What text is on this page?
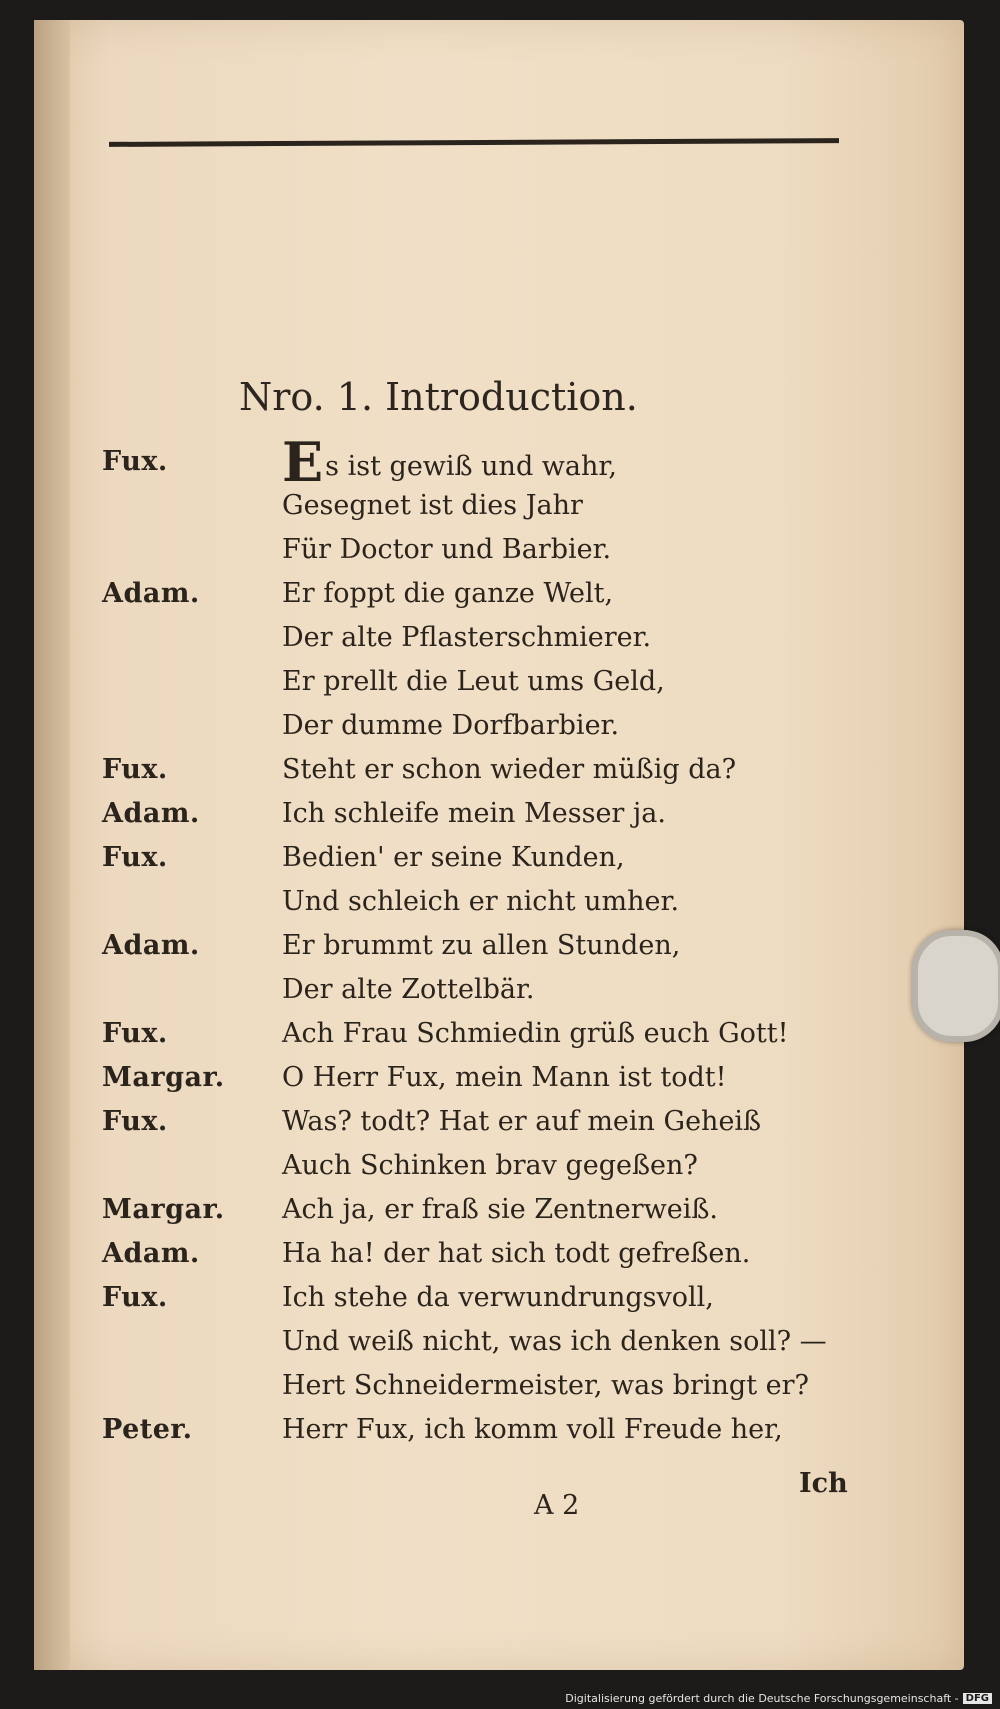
Nro. 1. Introduction.
Fux.	Es ist gewiß und wahr,
Gesegnet ist dies Jahr
Für Doctor und Barbier.
Adam.	Er foppt die ganze Welt,
Der alte Pflasterschmierer.
Er prellt die Leut ums Geld,
Der dumme Dorfbarbier.
Fux.	Steht er schon wieder müßig da?
Adam.	Ich schleife mein Messer ja.
Fux.	Bedien' er seine Kunden,
Und schleich er nicht umher.
Adam.	Er brummt zu allen Stunden,
Der alte Zottelbär.
Fux.	Ach Frau Schmiedin grüß euch Gott!
Margar.	O Herr Fux, mein Mann ist todt!
Fux.	Was? todt? Hat er auf mein Geheiß
Auch Schinken brav gegeßen?
Margar.	Ach ja, er fraß sie Zentnerweiß.
Adam.	Ha ha! der hat sich todt gefreßen.
Fux.	Ich stehe da verwundrungsvoll,
Und weiß nicht, was ich denken soll? —
Hert Schneidermeister, was bringt er?
Peter.	Herr Fux, ich komm voll Freude her,
A 2
Ich
Digitalisierung gefördert durch die Deutsche Forschungsgemeinschaft - DFG
